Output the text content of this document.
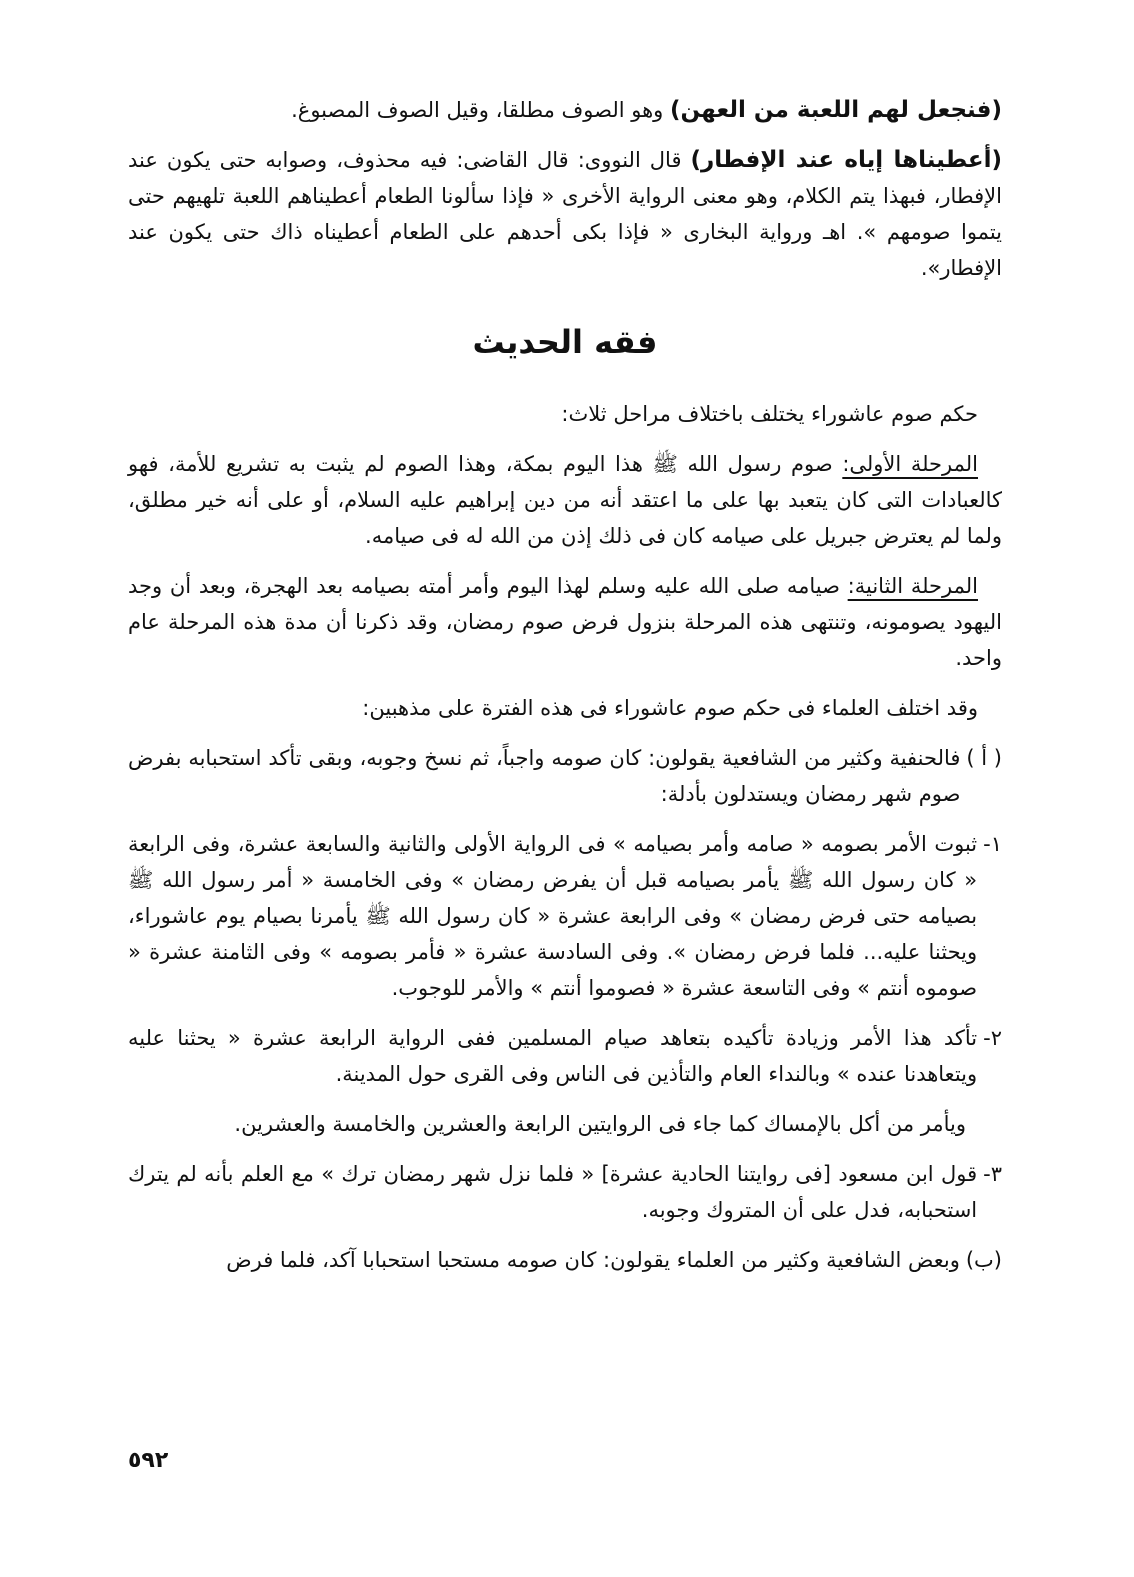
(فنجعل لهم اللعبة من العهن) وهو الصوف مطلقا، وقيل الصوف المصبوغ.

(أعطيناها إياه عند الإفطار) قال النووى: قال القاضى: فيه محذوف، وصوابه حتى يكون عند الإفطار، فبهذا يتم الكلام، وهو معنى الرواية الأخرى « فإذا سألونا الطعام أعطيناهم اللعبة تلهيهم حتى يتموا صومهم ». اهـ ورواية البخارى « فإذا بكى أحدهم على الطعام أعطيناه ذاك حتى يكون عند الإفطار».

فقه الحديث

حكم صوم عاشوراء يختلف باختلاف مراحل ثلاث:

المرحلة الأولى: صوم رسول الله ﷺ هذا اليوم بمكة، وهذا الصوم لم يثبت به تشريع للأمة، فهو كالعبادات التى كان يتعبد بها على ما اعتقد أنه من دين إبراهيم عليه السلام، أو على أنه خير مطلق، ولما لم يعترض جبريل على صيامه كان فى ذلك إذن من الله له فى صيامه.

المرحلة الثانية: صيامه صلى الله عليه وسلم لهذا اليوم وأمر أمته بصيامه بعد الهجرة، وبعد أن وجد اليهود يصومونه، وتنتهى هذه المرحلة بنزول فرض صوم رمضان، وقد ذكرنا أن مدة هذه المرحلة عام واحد.

وقد اختلف العلماء فى حكم صوم عاشوراء فى هذه الفترة على مذهبين:

( أ )
فالحنفية وكثير من الشافعية يقولون: كان صومه واجباً، ثم نسخ وجوبه، وبقى تأكد استحبابه بفرض صوم شهر رمضان ويستدلون بأدلة:
١-
ثبوت الأمر بصومه « صامه وأمر بصيامه » فى الرواية الأولى والثانية والسابعة عشرة، وفى الرابعة « كان رسول الله ﷺ يأمر بصيامه قبل أن يفرض رمضان » وفى الخامسة « أمر رسول الله ﷺ بصيامه حتى فرض رمضان » وفى الرابعة عشرة « كان رسول الله ﷺ يأمرنا بصيام يوم عاشوراء، ويحثنا عليه... فلما فرض رمضان ». وفى السادسة عشرة « فأمر بصومه » وفى الثامنة عشرة « صوموه أنتم » وفى التاسعة عشرة « فصوموا أنتم » والأمر للوجوب.
٢-
تأكد هذا الأمر وزيادة تأكيده بتعاهد صيام المسلمين ففى الرواية الرابعة عشرة « يحثنا عليه ويتعاهدنا عنده » وبالنداء العام والتأذين فى الناس وفى القرى حول المدينة.

ويأمر من أكل بالإمساك كما جاء فى الروايتين الرابعة والعشرين والخامسة والعشرين.

٣-
قول ابن مسعود [فى روايتنا الحادية عشرة] « فلما نزل شهر رمضان ترك » مع العلم بأنه لم يترك استحبابه، فدل على أن المتروك وجوبه.
(ب)
وبعض الشافعية وكثير من العلماء يقولون: كان صومه مستحبا استحبابا آكد، فلما فرض
٥٩٢
